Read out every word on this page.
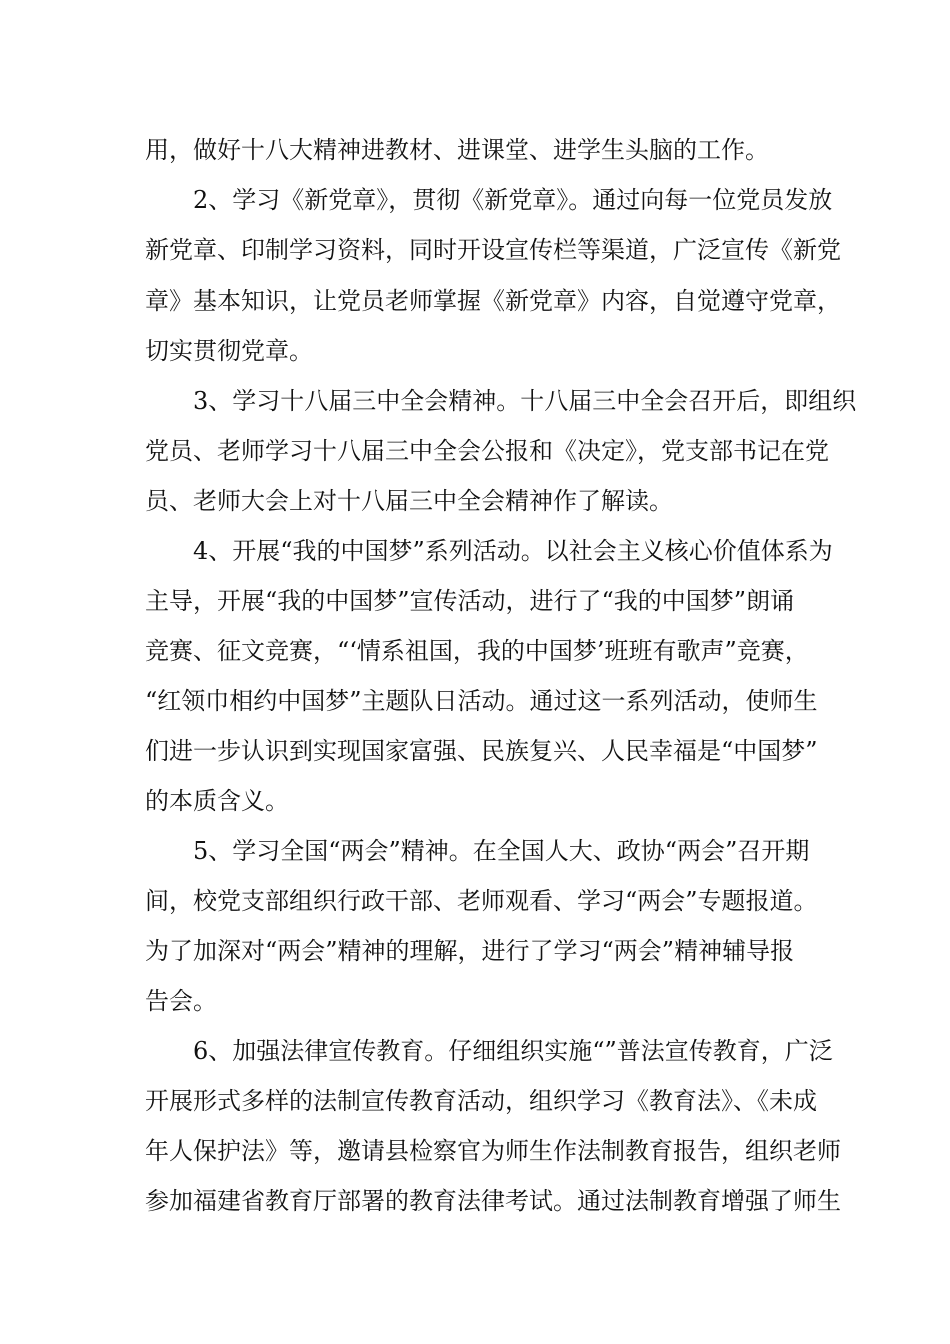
用，做好十八大精神进教材、进课堂、进学生头脑的工作。
　　2、学习《新党章》，贯彻《新党章》。通过向每一位党员发放
新党章、印制学习资料，同时开设宣传栏等渠道，广泛宣传《新党
章》基本知识，让党员老师掌握《新党章》内容，自觉遵守党章，
切实贯彻党章。
　　3、学习十八届三中全会精神。十八届三中全会召开后，即组织
党员、老师学习十八届三中全会公报和《决定》，党支部书记在党
员、老师大会上对十八届三中全会精神作了解读。
　　4、开展“我的中国梦”系列活动。以社会主义核心价值体系为
主导，开展“我的中国梦”宣传活动，进行了“我的中国梦”朗诵
竞赛、征文竞赛，“‘情系祖国，我的中国梦’班班有歌声”竞赛，
“红领巾相约中国梦”主题队日活动。通过这一系列活动，使师生
们进一步认识到实现国家富强、民族复兴、人民幸福是“中国梦”
的本质含义。
　　5、学习全国“两会”精神。在全国人大、政协“两会”召开期
间，校党支部组织行政干部、老师观看、学习“两会”专题报道。
为了加深对“两会”精神的理解，进行了学习“两会”精神辅导报
告会。
　　6、加强法律宣传教育。仔细组织实施“”普法宣传教育，广泛
开展形式多样的法制宣传教育活动，组织学习《教育法》、《未成
年人保护法》等，邀请县检察官为师生作法制教育报告，组织老师
参加福建省教育厅部署的教育法律考试。通过法制教育增强了师生
